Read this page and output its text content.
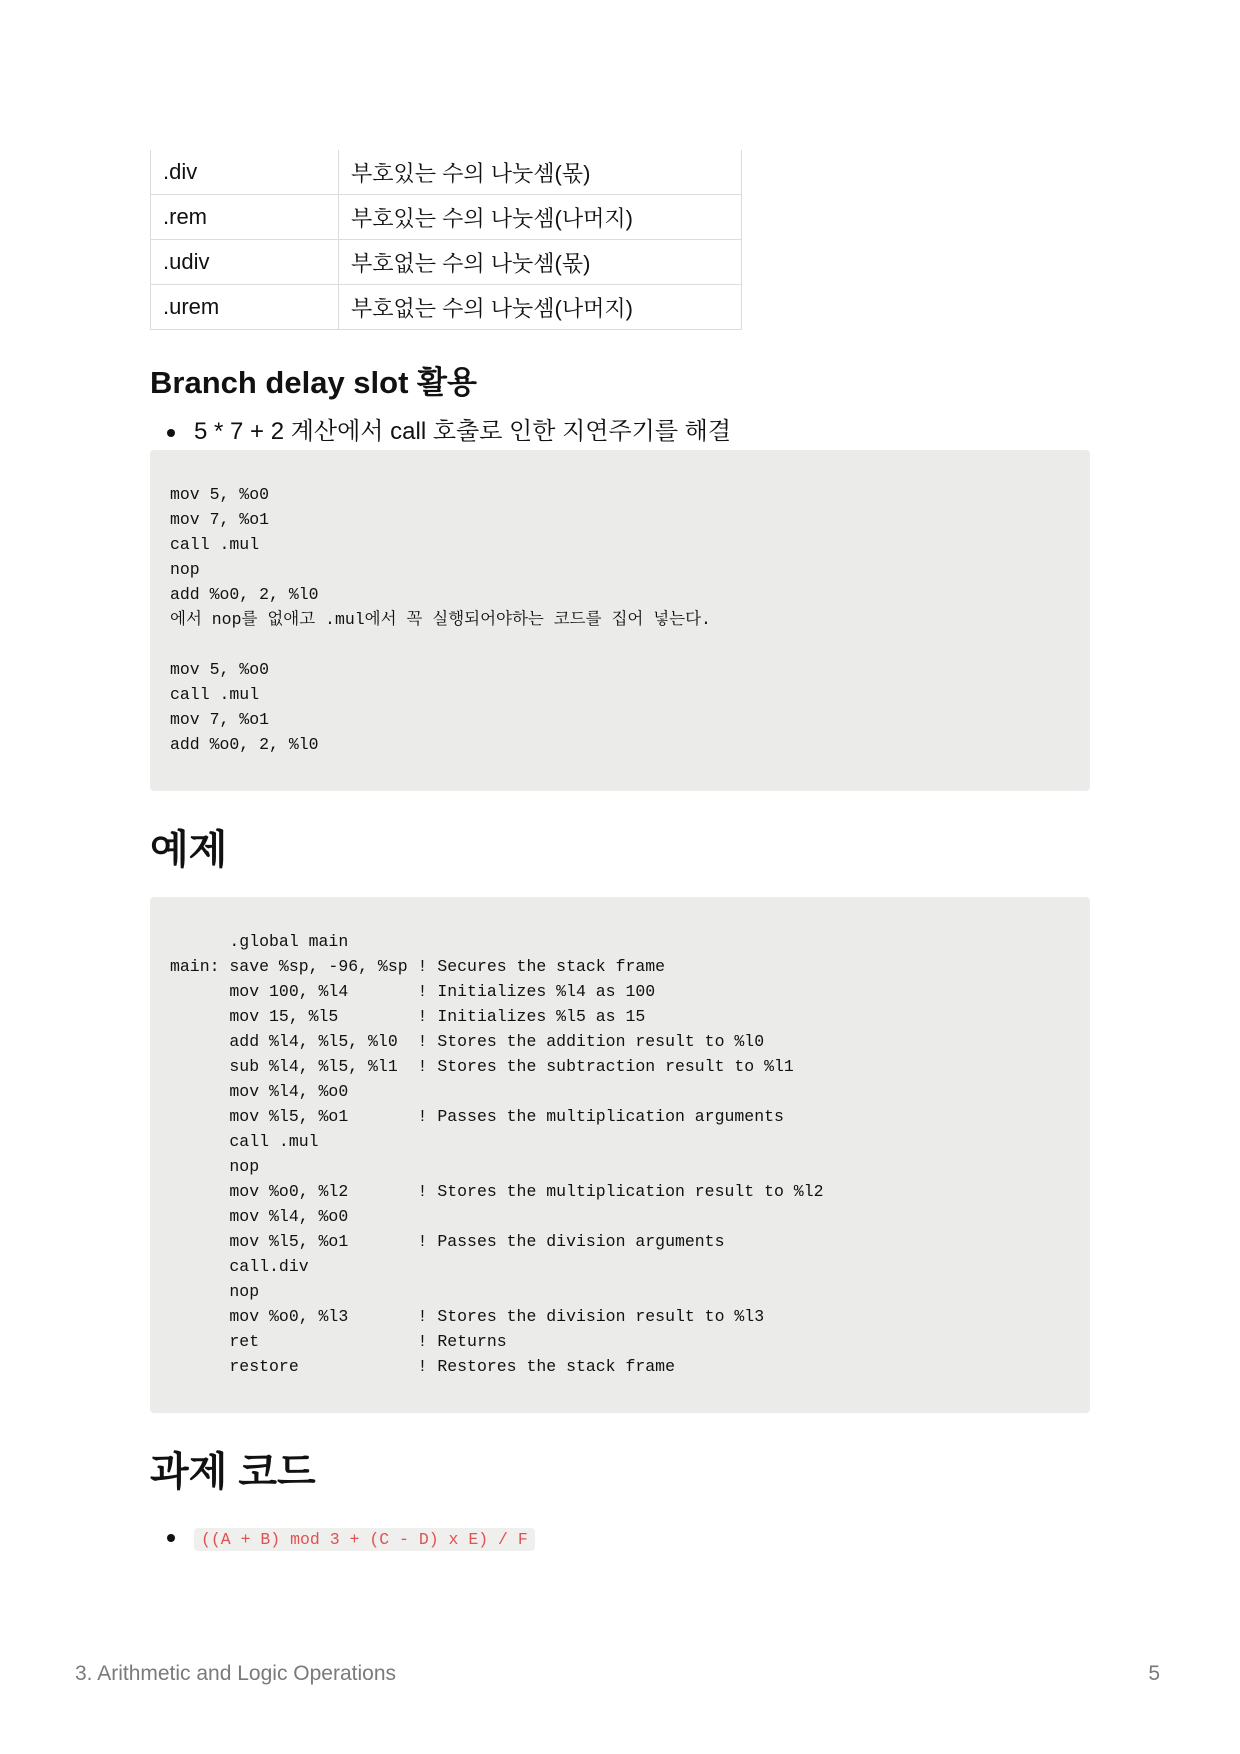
.div	부호있는 수의 나눗셈(몫)
.rem	부호있는 수의 나눗셈(나머지)
.udiv	부호없는 수의 나눗셈(몫)
.urem	부호없는 수의 나눗셈(나머지)
Branch delay slot 활용
5 * 7 + 2 계산에서 call 호출로 인한 지연주기를 해결
mov 5, %o0
mov 7, %o1
call .mul
nop
add %o0, 2, %l0
에서 nop를 없애고 .mul에서 꼭 실행되어야하는 코드를 집어 넣는다.

mov 5, %o0
call .mul
mov 7, %o1
add %o0, 2, %l0
예제
.global main
main: save %sp, -96, %sp ! Secures the stack frame
mov 100, %l4       ! Initializes %l4 as 100
mov 15, %l5        ! Initializes %l5 as 15
add %l4, %l5, %l0  ! Stores the addition result to %l0
sub %l4, %l5, %l1  ! Stores the subtraction result to %l1
mov %l4, %o0
mov %l5, %o1       ! Passes the multiplication arguments
call .mul
nop
mov %o0, %l2       ! Stores the multiplication result to %l2
mov %l4, %o0
mov %l5, %o1       ! Passes the division arguments
call.div
nop
mov %o0, %l3       ! Stores the division result to %l3
ret                ! Returns
restore            ! Restores the stack frame
과제 코드
((A + B) mod 3 + (C - D) x E) / F
3. Arithmetic and Logic Operations	5
